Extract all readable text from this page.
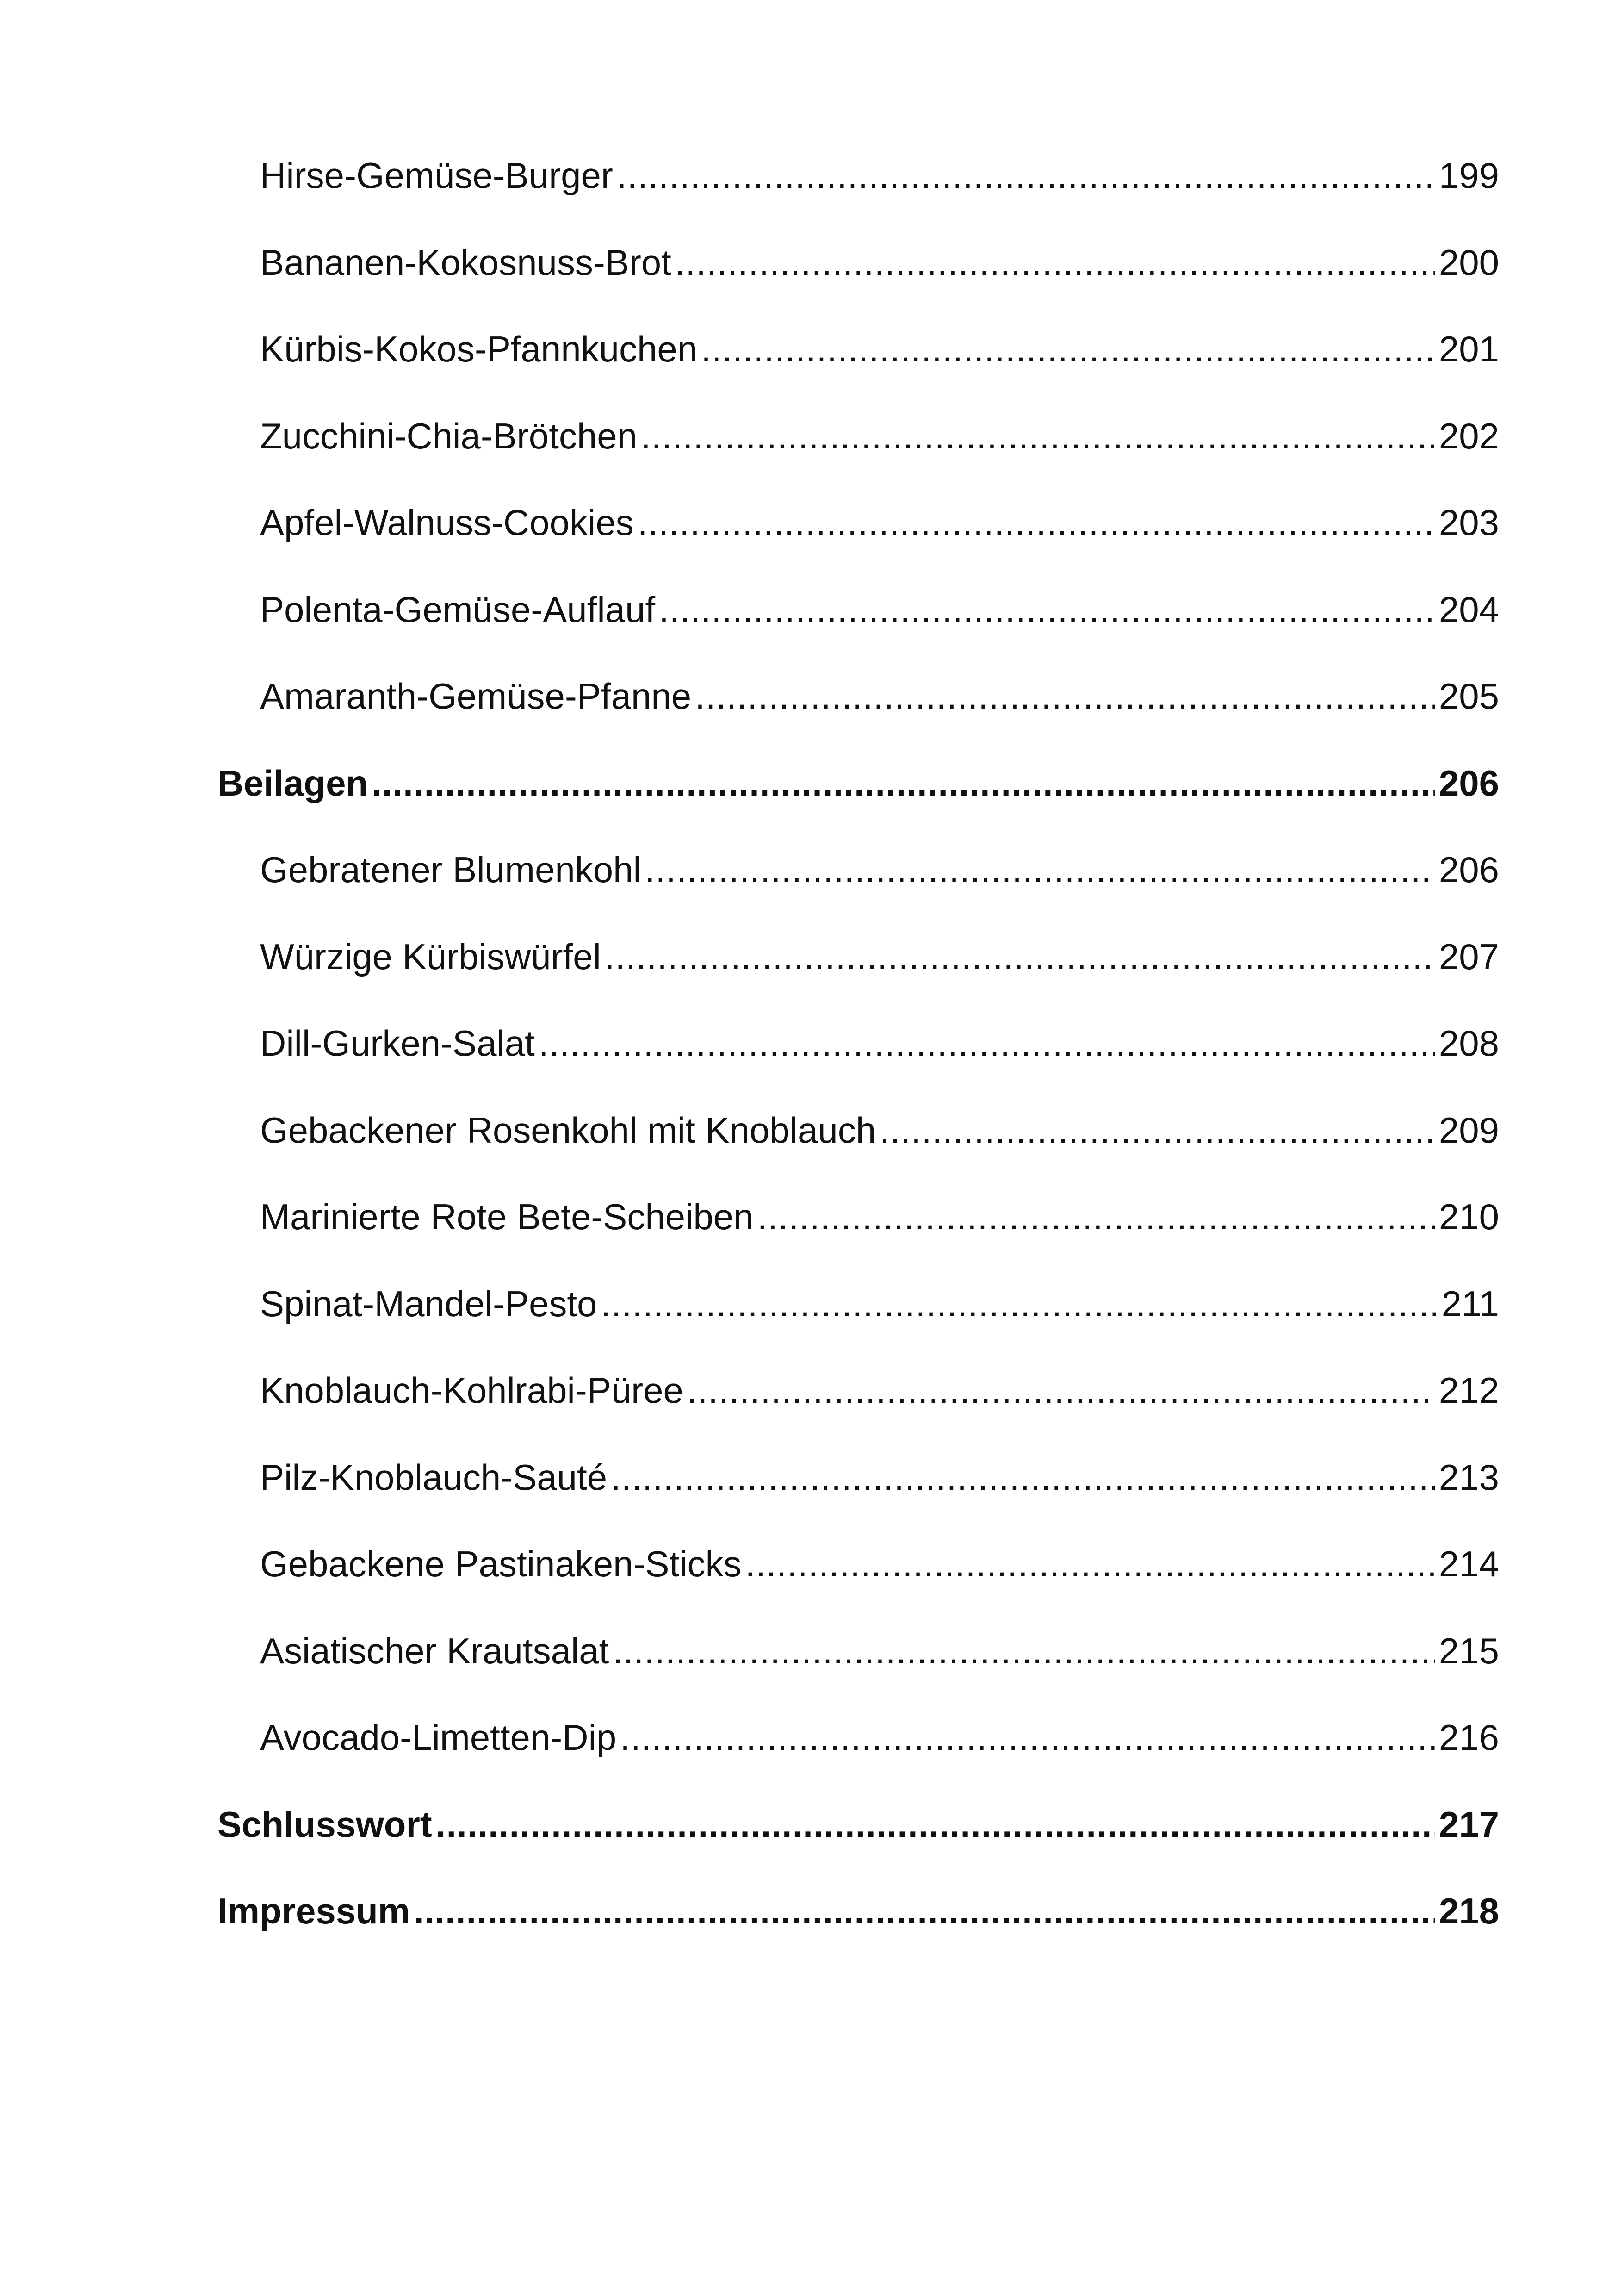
Hirse-Gemüse-Burger .....	199
Bananen-Kokosnuss-Brot .....	200
Kürbis-Kokos-Pfannkuchen .....	201
Zucchini-Chia-Brötchen .....	202
Apfel-Walnuss-Cookies .....	203
Polenta-Gemüse-Auflauf .....	204
Amaranth-Gemüse-Pfanne .....	205
Beilagen .....	206
Gebratener Blumenkohl .....	206
Würzige Kürbiswürfel .....	207
Dill-Gurken-Salat .....	208
Gebackener Rosenkohl mit Knoblauch .....	209
Marinierte Rote Bete-Scheiben .....	210
Spinat-Mandel-Pesto .....	211
Knoblauch-Kohlrabi-Püree .....	212
Pilz-Knoblauch-Sauté .....	213
Gebackene Pastinaken-Sticks .....	214
Asiatischer Krautsalat .....	215
Avocado-Limetten-Dip .....	216
Schlusswort .....	217
Impressum .....	218
